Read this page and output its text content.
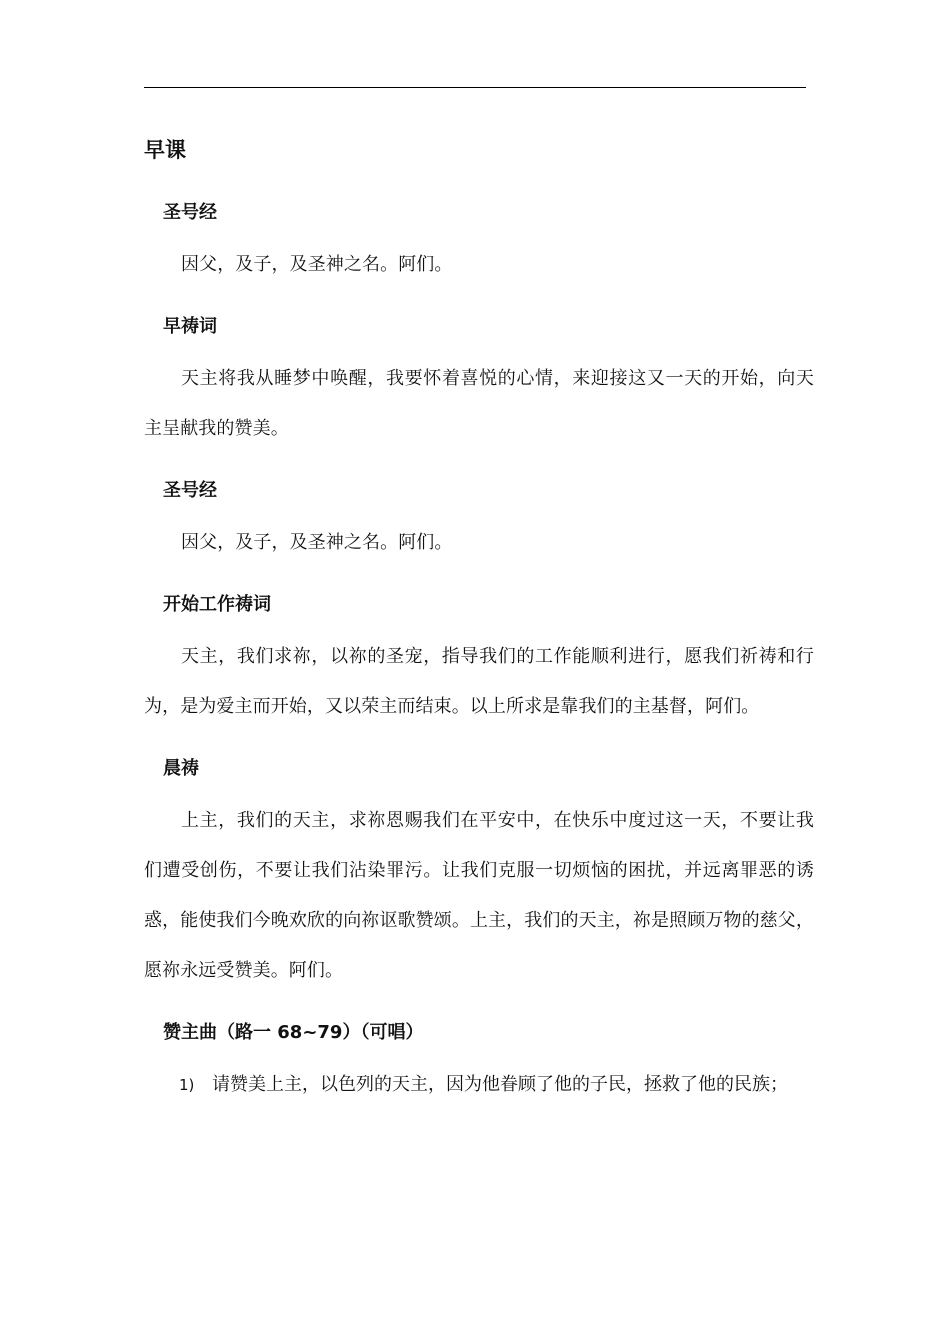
早课
圣号经

因父，及子，及圣神之名。阿们。

早祷词

天主将我从睡梦中唤醒，我要怀着喜悦的心情，来迎接这又一天的开始，向天主呈献我的赞美。

圣号经

因父，及子，及圣神之名。阿们。

开始工作祷词

天主，我们求祢，以祢的圣宠，指导我们的工作能顺利进行，愿我们祈祷和行为，是为爱主而开始，又以荣主而结束。以上所求是靠我们的主基督，阿们。

晨祷

上主，我们的天主，求祢恩赐我们在平安中，在快乐中度过这一天，不要让我们遭受创伤，不要让我们沾染罪污。让我们克服一切烦恼的困扰，并远离罪恶的诱惑，能使我们今晚欢欣的向祢讴歌赞颂。上主，我们的天主，祢是照顾万物的慈父，愿祢永远受赞美。阿们。

赞主曲（路一 68~79）（可唱）
1) 请赞美上主，以色列的天主，因为他眷顾了他的子民，拯救了他的民族；
